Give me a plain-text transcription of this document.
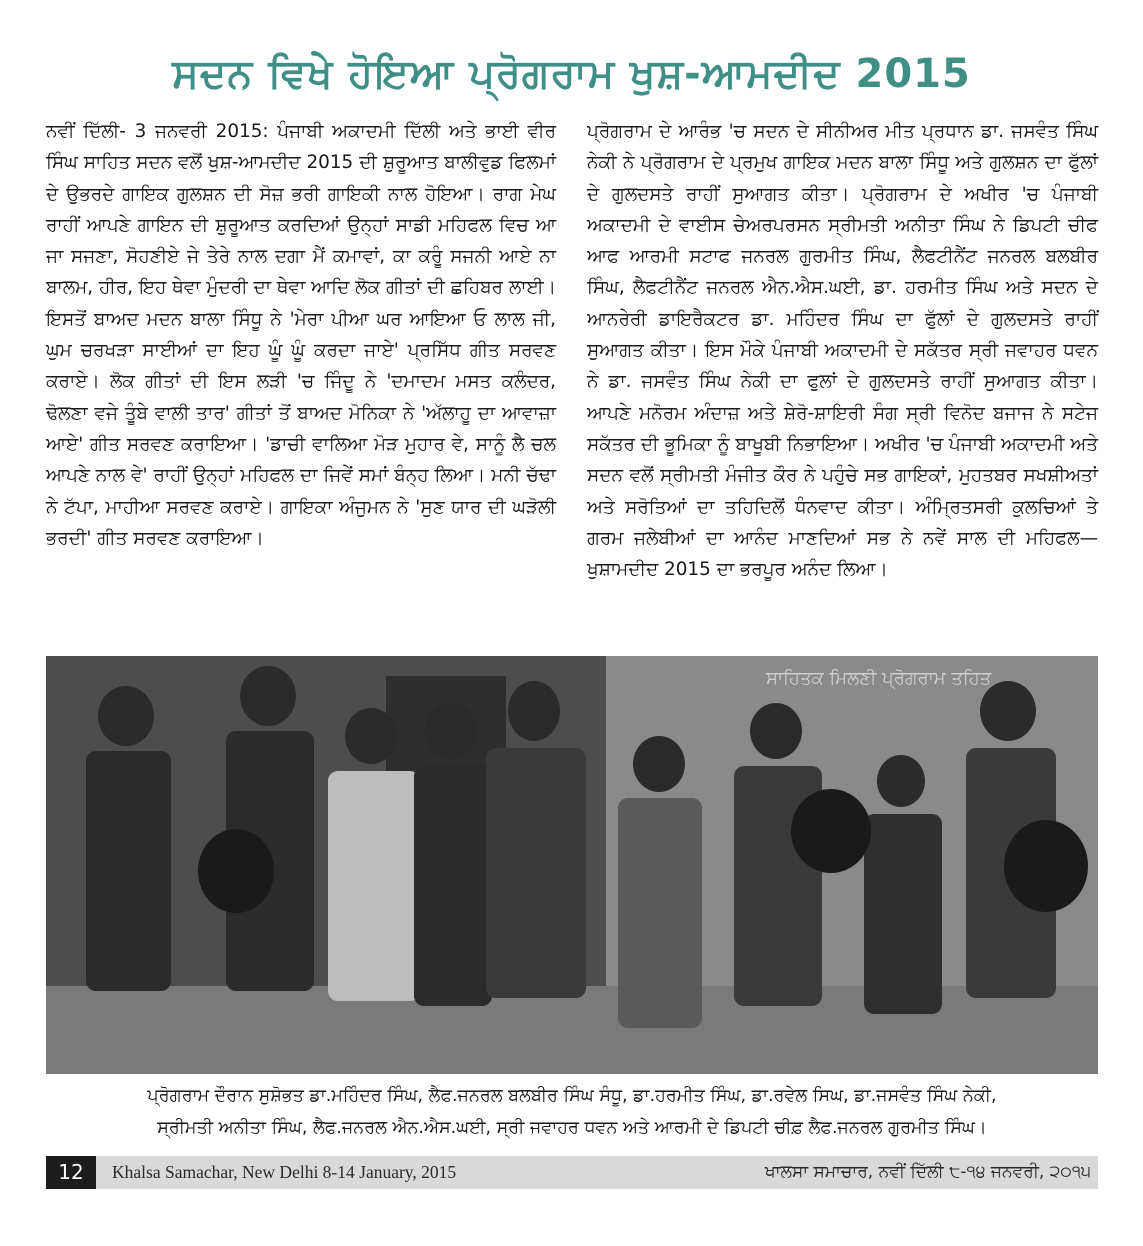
ਸਦਨ ਵਿਖੇ ਹੋਇਆ ਪ੍ਰੋਗਰਾਮ ਖੁਸ਼-ਆਮਦੀਦ 2015
ਨਵੀਂ ਦਿੱਲੀ- 3 ਜਨਵਰੀ 2015: ਪੰਜਾਬੀ ਅਕਾਦਮੀ ਦਿੱਲੀ ਅਤੇ ਭਾਈ ਵੀਰ ਸਿੰਘ ਸਾਹਿਤ ਸਦਨ ਵਲੋਂ ਖੁਸ਼-ਆਮਦੀਦ 2015 ਦੀ ਸ਼ੁਰੂਆਤ ਬਾਲੀਵੁਡ ਫਿਲਮਾਂ ਦੇ ਉਭਰਦੇ ਗਾਇਕ ਗੁਲਸ਼ਨ ਦੀ ਸੋਜ਼ ਭਰੀ ਗਾਇਕੀ ਨਾਲ ਹੋਇਆ। ਰਾਗ ਮੇਘ ਰਾਹੀਂ ਆਪਣੇ ਗਾਇਨ ਦੀ ਸ਼ੁਰੂਆਤ ਕਰਦਿਆਂ ਉਨ੍ਹਾਂ ਸਾਡੀ ਮਹਿਫਲ ਵਿਚ ਆ ਜਾ ਸਜਣਾ, ਸੋਹਣੀਏ ਜੇ ਤੇਰੇ ਨਾਲ ਦਗਾ ਮੈਂ ਕਮਾਵਾਂ, ਕਾ ਕਰੂੰ ਸਜਨੀ ਆਏ ਨਾ ਬਾਲਮ, ਹੀਰ, ਇਹ ਥੇਵਾ ਮੁੰਦਰੀ ਦਾ ਥੇਵਾ ਆਦਿ ਲੋਕ ਗੀਤਾਂ ਦੀ ਛਹਿਬਰ ਲਾਈ। ਇਸਤੋਂ ਬਾਅਦ ਮਦਨ ਬਾਲਾ ਸਿੰਧੂ ਨੇ 'ਮੇਰਾ ਪੀਆ ਘਰ ਆਇਆ ਓ ਲਾਲ ਜੀ, ਘੁਮ ਚਰਖੜਾ ਸਾਈਆਂ ਦਾ ਇਹ ਘੂੰ ਘੂੰ ਕਰਦਾ ਜਾਏ' ਪ੍ਰਸਿੱਧ ਗੀਤ ਸਰਵਣ ਕਰਾਏ। ਲੋਕ ਗੀਤਾਂ ਦੀ ਇਸ ਲੜੀ 'ਚ ਜਿੰਦੂ ਨੇ 'ਦਮਾਦਮ ਮਸਤ ਕਲੰਦਰ, ਢੋਲਣਾ ਵਜੇ ਤੂੰਬੇ ਵਾਲੀ ਤਾਰ' ਗੀਤਾਂ ਤੋਂ ਬਾਅਦ ਮੋਨਿਕਾ ਨੇ 'ਅੱਲਾਹੂ ਦਾ ਆਵਾਜ਼ਾ ਆਏ' ਗੀਤ ਸਰਵਣ ਕਰਾਇਆ। 'ਡਾਚੀ ਵਾਲਿਆ ਮੋੜ ਮੁਹਾਰ ਵੇ, ਸਾਨੂੰ ਲੈ ਚਲ ਆਪਣੇ ਨਾਲ ਵੇ' ਰਾਹੀਂ ਉਨ੍ਹਾਂ ਮਹਿਫਲ ਦਾ ਜਿਵੇਂ ਸਮਾਂ ਬੰਨ੍ਹ ਲਿਆ। ਮਨੀ ਚੱਢਾ ਨੇ ਟੱਪਾ, ਮਾਹੀਆ ਸਰਵਣ ਕਰਾਏ। ਗਾਇਕਾ ਅੰਜੁਮਨ ਨੇ 'ਸੁਣ ਯਾਰ ਦੀ ਘੜੋਲੀ ਭਰਦੀ' ਗੀਤ ਸਰਵਣ ਕਰਾਇਆ।
ਪ੍ਰੋਗਰਾਮ ਦੇ ਆਰੰਭ 'ਚ ਸਦਨ ਦੇ ਸੀਨੀਅਰ ਮੀਤ ਪ੍ਰਧਾਨ ਡਾ. ਜਸਵੰਤ ਸਿੰਘ ਨੇਕੀ ਨੇ ਪ੍ਰੋਗਰਾਮ ਦੇ ਪ੍ਰਮੁਖ ਗਾਇਕ ਮਦਨ ਬਾਲਾ ਸਿੰਧੂ ਅਤੇ ਗੁਲਸ਼ਨ ਦਾ ਫੁੱਲਾਂ ਦੇ ਗੁਲਦਸਤੇ ਰਾਹੀਂ ਸੁਆਗਤ ਕੀਤਾ। ਪ੍ਰੋਗਰਾਮ ਦੇ ਅਖੀਰ 'ਚ ਪੰਜਾਬੀ ਅਕਾਦਮੀ ਦੇ ਵਾਈਸ ਚੇਅਰਪਰਸਨ ਸ੍ਰੀਮਤੀ ਅਨੀਤਾ ਸਿੰਘ ਨੇ ਡਿਪਟੀ ਚੀਫ ਆਫ ਆਰਮੀ ਸਟਾਫ ਜਨਰਲ ਗੁਰਮੀਤ ਸਿੰਘ, ਲੈਫਟੀਨੈਂਟ ਜਨਰਲ ਬਲਬੀਰ ਸਿੰਘ, ਲੈਫਟੀਨੈਂਟ ਜਨਰਲ ਐਨ.ਐਸ.ਘਈ, ਡਾ. ਹਰਮੀਤ ਸਿੰਘ ਅਤੇ ਸਦਨ ਦੇ ਆਨਰੇਰੀ ਡਾਇਰੈਕਟਰ ਡਾ. ਮਹਿੰਦਰ ਸਿੰਘ ਦਾ ਫੁੱਲਾਂ ਦੇ ਗੁਲਦਸਤੇ ਰਾਹੀਂ ਸੁਆਗਤ ਕੀਤਾ। ਇਸ ਮੌਕੇ ਪੰਜਾਬੀ ਅਕਾਦਮੀ ਦੇ ਸਕੱਤਰ ਸ੍ਰੀ ਜਵਾਹਰ ਧਵਨ ਨੇ ਡਾ. ਜਸਵੰਤ ਸਿੰਘ ਨੇਕੀ ਦਾ ਫੁਲਾਂ ਦੇ ਗੁਲਦਸਤੇ ਰਾਹੀਂ ਸੁਆਗਤ ਕੀਤਾ। ਆਪਣੇ ਮਨੋਰਮ ਅੰਦਾਜ਼ ਅਤੇ ਸ਼ੇਰੋ-ਸ਼ਾਇਰੀ ਸੰਗ ਸ੍ਰੀ ਵਿਨੋਦ ਬਜਾਜ ਨੇ ਸਟੇਜ ਸਕੱਤਰ ਦੀ ਭੂਮਿਕਾ ਨੂੰ ਬਾਖੂਬੀ ਨਿਭਾਇਆ। ਅਖੀਰ 'ਚ ਪੰਜਾਬੀ ਅਕਾਦਮੀ ਅਤੇ ਸਦਨ ਵਲੋਂ ਸ੍ਰੀਮਤੀ ਮੰਜੀਤ ਕੌਰ ਨੇ ਪਹੁੰਚੇ ਸਭ ਗਾਇਕਾਂ, ਮੁਹਤਬਰ ਸਖਸ਼ੀਅਤਾਂ ਅਤੇ ਸਰੋਤਿਆਂ ਦਾ ਤਹਿਦਿਲੋਂ ਧੰਨਵਾਦ ਕੀਤਾ। ਅੰਮ੍ਰਿਤਸਰੀ ਕੁਲਚਿਆਂ ਤੇ ਗਰਮ ਜਲੇਬੀਆਂ ਦਾ ਆਨੰਦ ਮਾਣਦਿਆਂ ਸਭ ਨੇ ਨਵੇਂ ਸਾਲ ਦੀ ਮਹਿਫਲ— ਖੁਸ਼ਾਮਦੀਦ 2015 ਦਾ ਭਰਪੂਰ ਅਨੰਦ ਲਿਆ।
ਸਾਹਿਤਕ ਮਿਲਣੀ ਪ੍ਰੋਗਰਾਮ ਤਹਿਤ
ਪ੍ਰੋਗਰਾਮ ਦੌਰਾਨ ਸੁਸ਼ੋਭਤ ਡਾ.ਮਹਿੰਦਰ ਸਿੰਘ, ਲੈਫ.ਜਨਰਲ ਬਲਬੀਰ ਸਿੰਘ ਸੰਧੂ, ਡਾ.ਹਰਮੀਤ ਸਿੰਘ, ਡਾ.ਰਵੇਲ ਸਿਘ, ਡਾ.ਜਸਵੰਤ ਸਿੰਘ ਨੇਕੀ,
ਸ੍ਰੀਮਤੀ ਅਨੀਤਾ ਸਿੰਘ, ਲੈਫ.ਜਨਰਲ ਐਨ.ਐਸ.ਘਈ, ਸ੍ਰੀ ਜਵਾਹਰ ਧਵਨ ਅਤੇ ਆਰਮੀ ਦੇ ਡਿਪਟੀ ਚੀਫ਼ ਲੈਫ.ਜਨਰਲ ਗੁਰਮੀਤ ਸਿੰਘ।
12	Khalsa Samachar, New Delhi 8-14 January, 2015	ਖਾਲਸਾ ਸਮਾਚਾਰ, ਨਵੀਂ ਦਿੱਲੀ ੮-੧੪ ਜਨਵਰੀ, ੨੦੧੫
